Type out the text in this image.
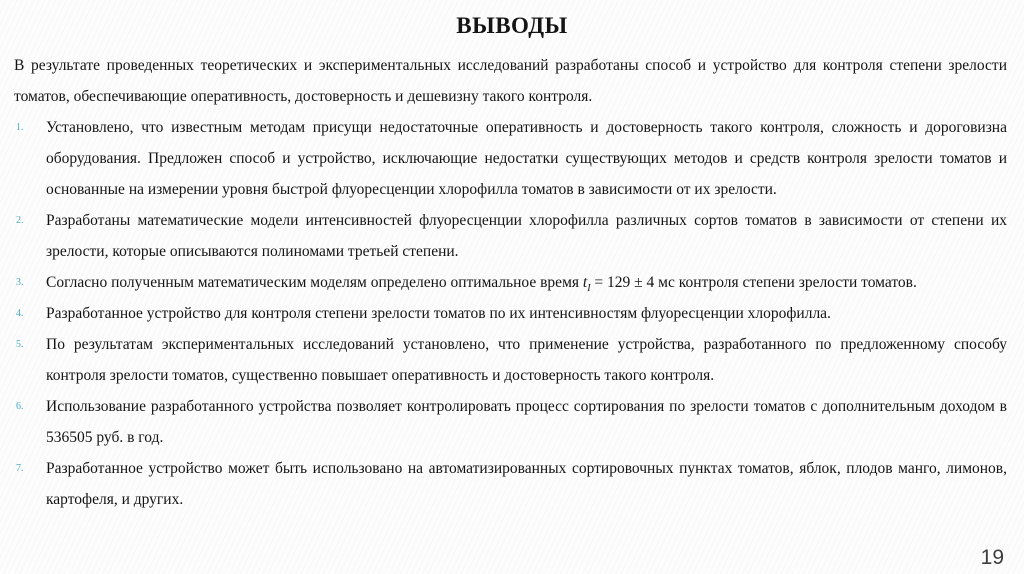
ВЫВОДЫ

В результате проведенных теоретических и экспериментальных исследований разработаны способ и устройство для контроля степени зрелости томатов, обеспечивающие оперативность, достоверность и дешевизну такого контроля.

1.	Установлено, что известным методам присущи недостаточные оперативность и достоверность такого контроля, сложность и дороговизна оборудования. Предложен способ и устройство, исключающие недостатки существующих методов и средств контроля зрелости томатов и основанные на измерении уровня быстрой флуоресценции хлорофилла томатов в зависимости от их зрелости.

2.	Разработаны математические модели интенсивностей флуоресценции хлорофилла различных сортов томатов в зависимости от степени их зрелости, которые описываются полиномами третьей степени.

3.	Согласно полученным математическим моделям определено оптимальное время $t_I = 129 \pm 4$ мс контроля степени зрелости томатов.

4.	Разработанное устройство для контроля степени зрелости томатов по их интенсивностям флуоресценции хлорофилла.

5.	По результатам экспериментальных исследований установлено, что применение устройства, разработанного по предложенному способу контроля зрелости томатов, существенно повышает оперативность и достоверность такого контроля.

6.	Использование разработанного устройства позволяет контролировать процесс сортирования по зрелости томатов с дополнительным доходом в 536505 руб. в год.

7.	Разработанное устройство может быть использовано на автоматизированных сортировочных пунктах томатов, яблок, плодов манго, лимонов, картофеля, и других.

19
